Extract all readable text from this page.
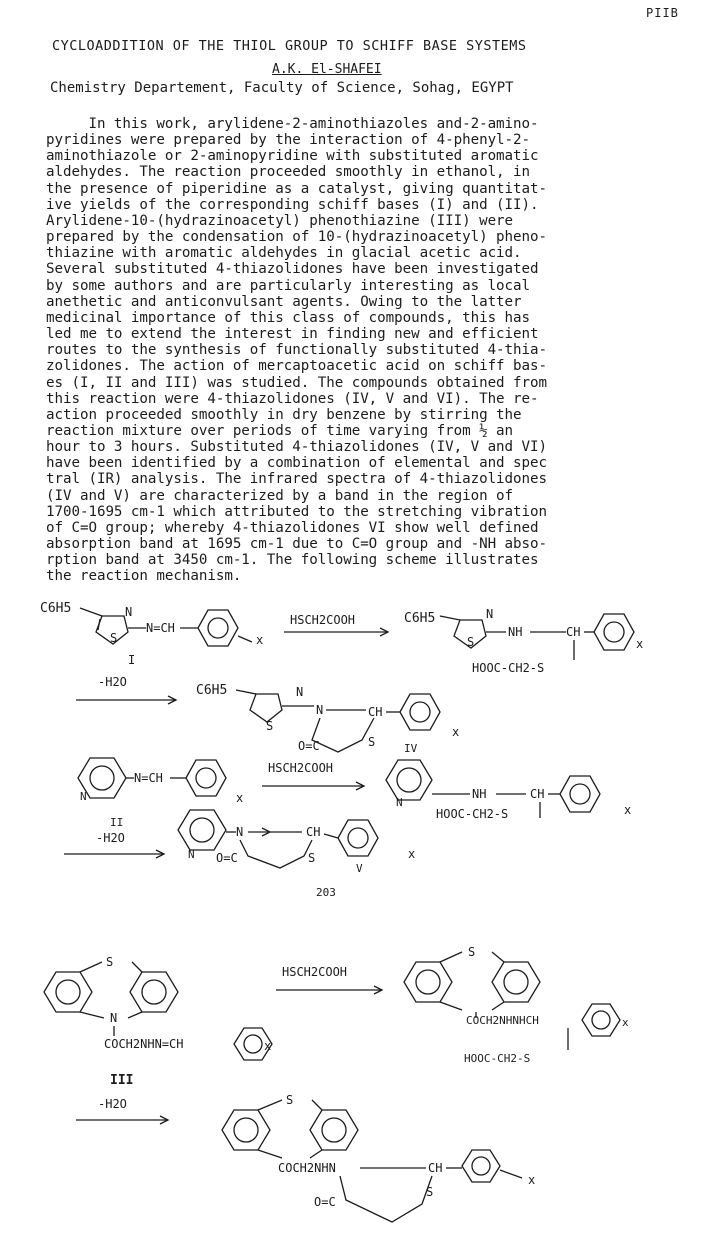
PIIB
CYCLOADDITION OF THE THIOL GROUP TO SCHIFF BASE SYSTEMS
A.K. El-SHAFEI
Chemistry Departement, Faculty of Science, Sohag, EGYPT
In this work, arylidene-2-aminothiazoles and-2-amino-
pyridines were prepared by the interaction of 4-phenyl-2-
aminothiazole or 2-aminopyridine with substituted aromatic
aldehydes. The reaction proceeded smoothly in ethanol, in
the presence of piperidine as a catalyst, giving quantitat-
ive yields of the corresponding schiff bases (I) and (II).
Arylidene-10-(hydrazinoacetyl) phenothiazine (III) were
prepared by the condensation of 10-(hydrazinoacetyl) pheno-
thiazine with aromatic aldehydes in glacial acetic acid.
Several substituted 4-thiazolidones have been investigated
by some authors and are particularly interesting as local
anethetic and anticonvulsant agents. Owing to the latter
medicinal importance of this class of compounds, this has
led me to extend the interest in finding new and efficient
routes to the synthesis of functionally substituted 4-thia-
zolidones. The action of mercaptoacetic acid on schiff bas-
es (I, II and III) was studied. The compounds obtained from
this reaction were 4-thiazolidones (IV, V and VI). The re-
action proceeded smoothly in dry benzene by stirring the
reaction mixture over periods of time varying from ½ an
hour to 3 hours. Substituted 4-thiazolidones (IV, V and VI)
have been identified by a combination of elemental and spec
tral (IR) analysis. The infrared spectra of 4-thiazolidones
(IV and V) are characterized by a band in the region of
1700-1695 cm-1 which attributed to the stretching vibration
of C=O group; whereby 4-thiazolidones VI show well defined
absorption band at 1695 cm-1 due to C=O group and -NH abso-
rption band at 3450 cm-1. The following scheme illustrates
the reaction mechanism.
C6H5	N
S
N=CH
x
I
HSCH2COOH	C6H5	N
S
NH	CH
x
HOOC-CH2-S
-H2O
C6H5	N
S
N	CH
x
O=C	S
N
N=CH
x
HSCH2COOH
IV
N
NH	CH
x
HOOC-CH2-S
II
-H2O
N
N	CH
x
O=C	S
V
S
N
COCH2NHN=CH	x
III
HSCH2COOH
S
COCH2NHNHCH	x
HOOC-CH2-S
-H2O	S
COCH2NHN	CH
x
O=C
S
203
